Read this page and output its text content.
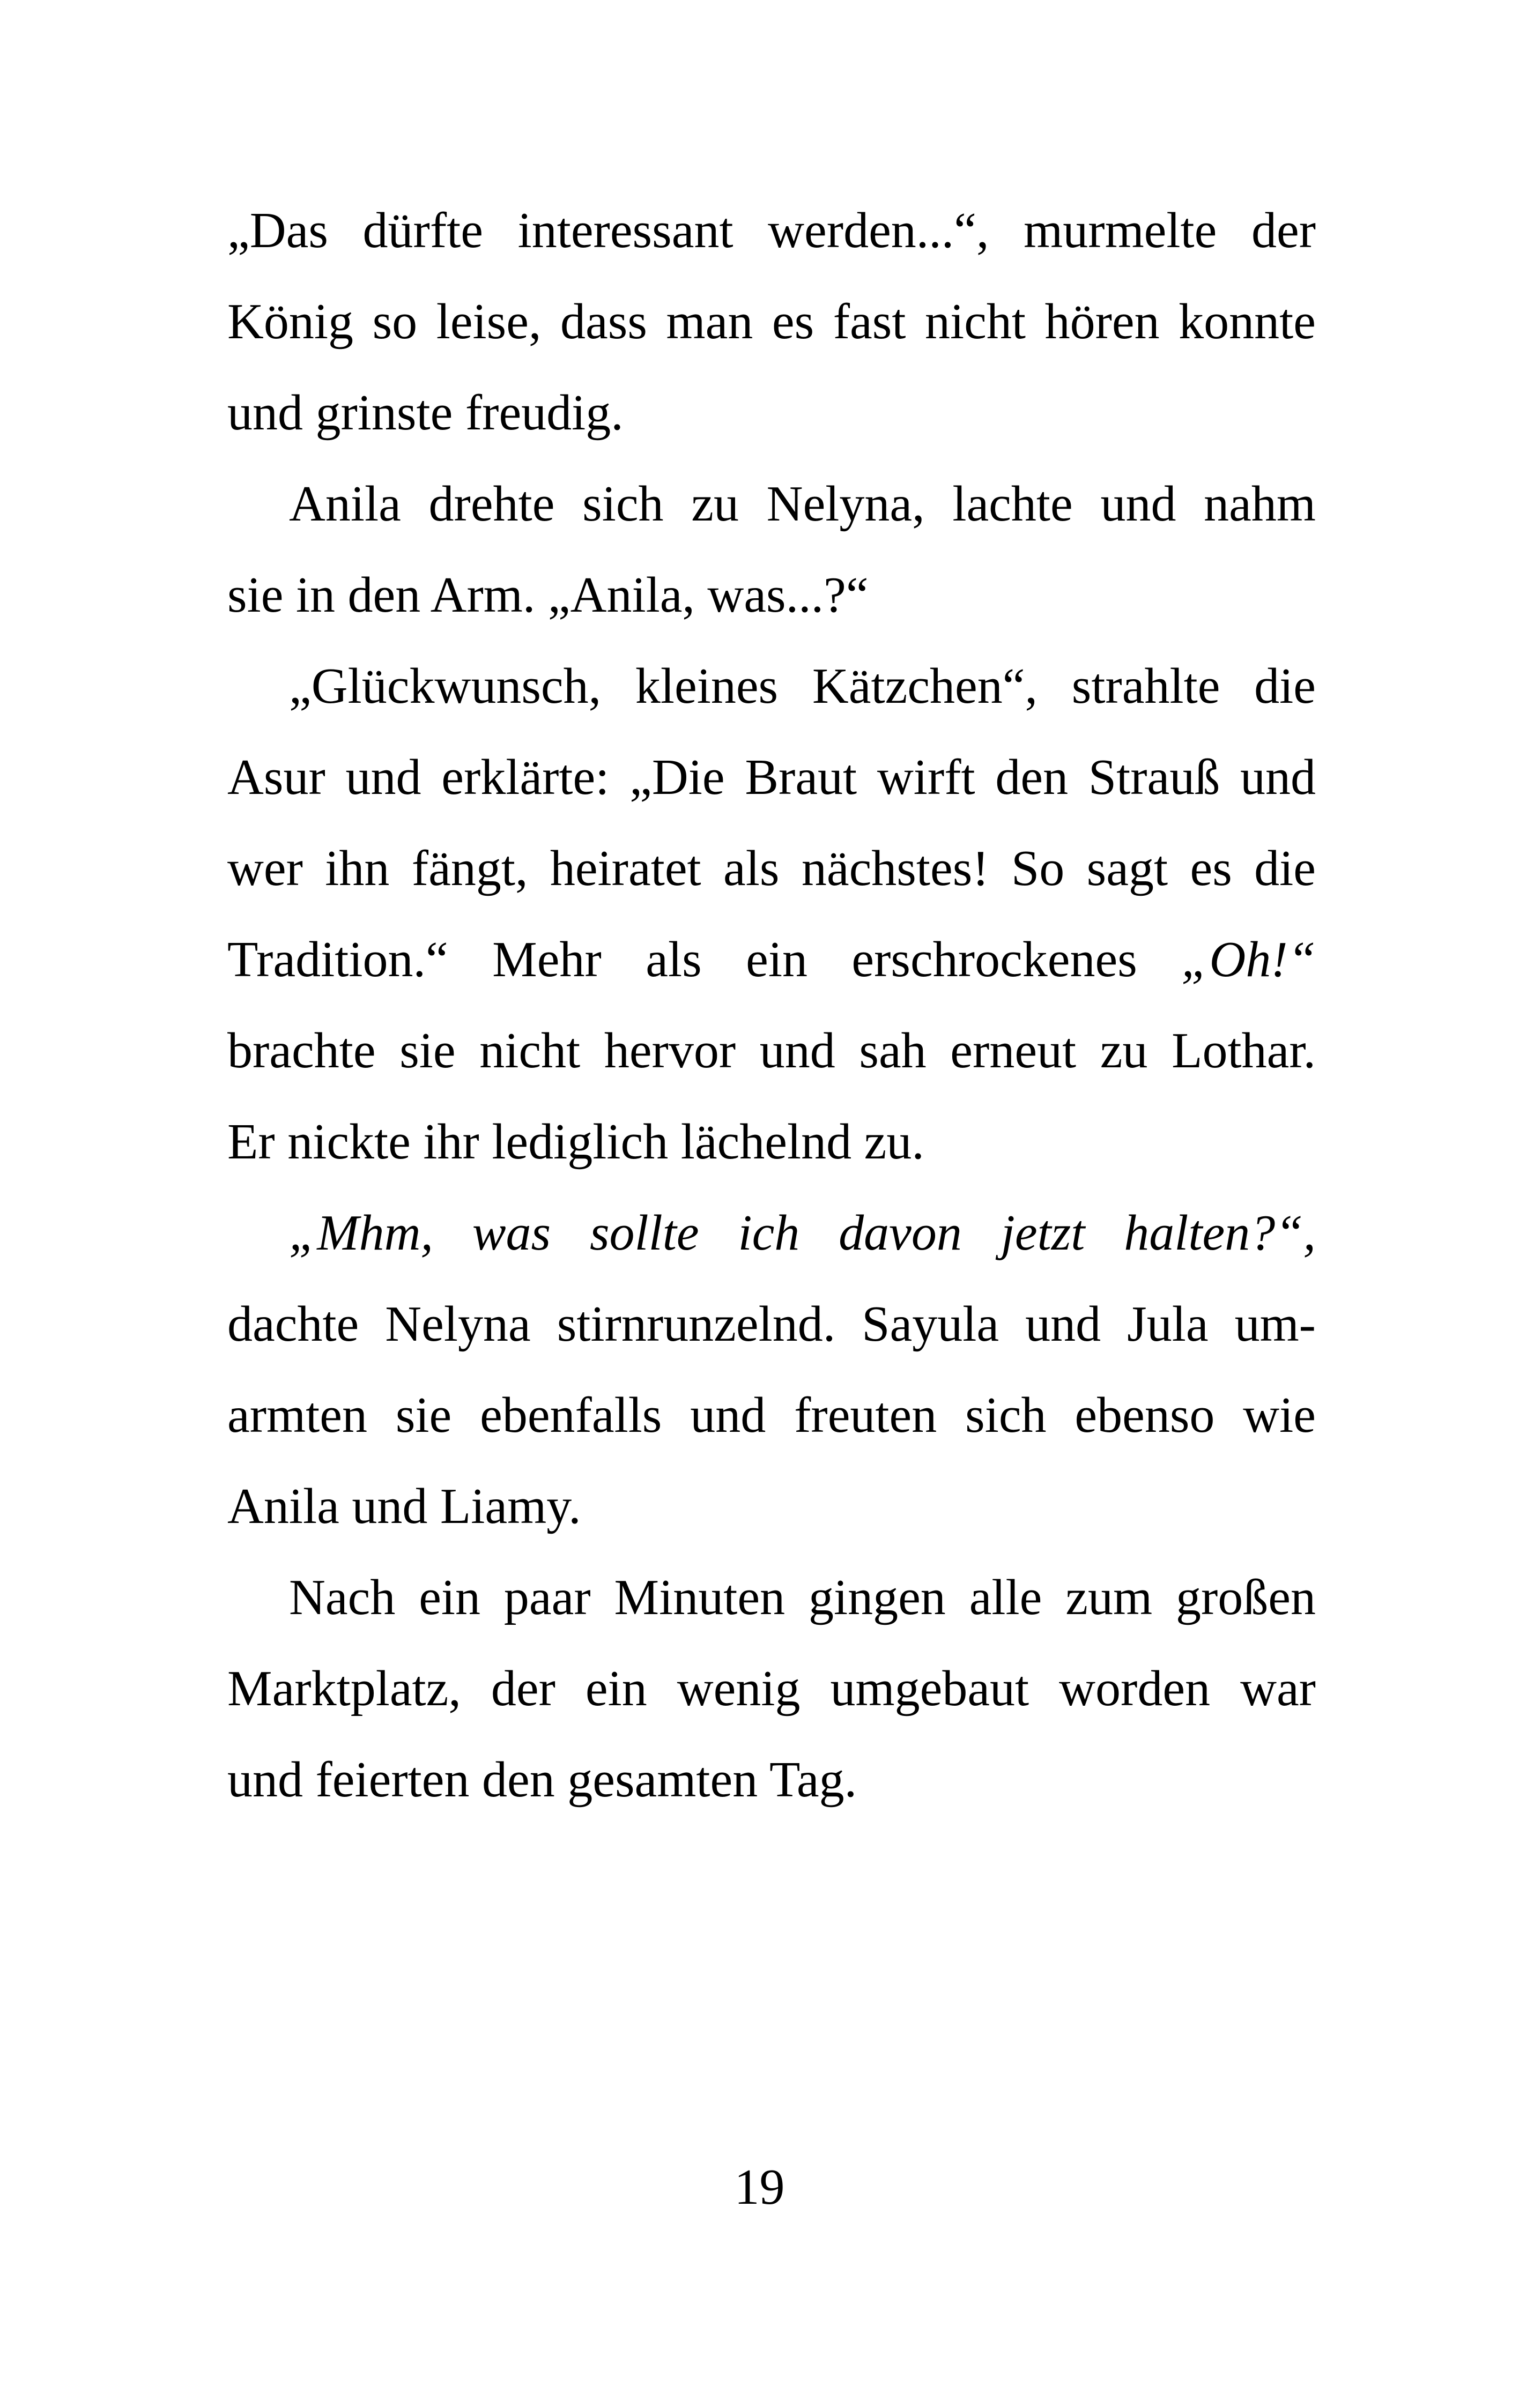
„Das dürfte interessant werden...“, murmelte der
König so leise, dass man es fast nicht hören konnte
und grinste freudig.
Anila drehte sich zu Nelyna, lachte und nahm
sie in den Arm. „Anila, was...?“
„Glückwunsch, kleines Kätzchen“, strahlte die
Asur und erklärte: „Die Braut wirft den Strauß und
wer ihn fängt, heiratet als nächstes! So sagt es die
Tradition.“ Mehr als ein erschrockenes „Oh!“
brachte sie nicht hervor und sah erneut zu Lothar.
Er nickte ihr lediglich lächelnd zu.
„Mhm, was sollte ich davon jetzt halten?“,
dachte Nelyna stirnrunzelnd. Sayula und Jula um-
armten sie ebenfalls und freuten sich ebenso wie
Anila und Liamy.
Nach ein paar Minuten gingen alle zum großen
Marktplatz, der ein wenig umgebaut worden war
und feierten den gesamten Tag.
19
